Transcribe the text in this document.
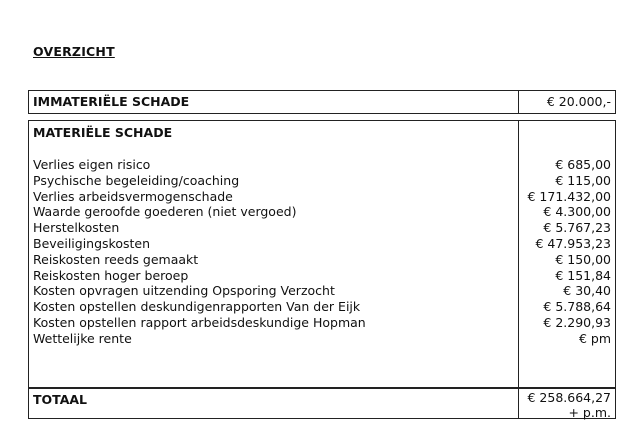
OVERZICHT
IMMATERIËLE SCHADE	€ 20.000,-
MATERIËLE SCHADE
Verlies eigen risico	€ 685,00
Psychische begeleiding/coaching	€ 115,00
Verlies arbeidsvermogenschade	€ 171.432,00
Waarde geroofde goederen (niet vergoed)	€ 4.300,00
Herstelkosten	€ 5.767,23
Beveiligingskosten	€ 47.953,23
Reiskosten reeds gemaakt	€ 150,00
Reiskosten hoger beroep	€ 151,84
Kosten opvragen uitzending Opsporing Verzocht	€ 30,40
Kosten opstellen deskundigenrapporten Van der Eijk	€ 5.788,64
Kosten opstellen rapport arbeidsdeskundige Hopman	€ 2.290,93
Wettelijke rente	€ pm
TOTAAL	€ 258.664,27
+ p.m.
